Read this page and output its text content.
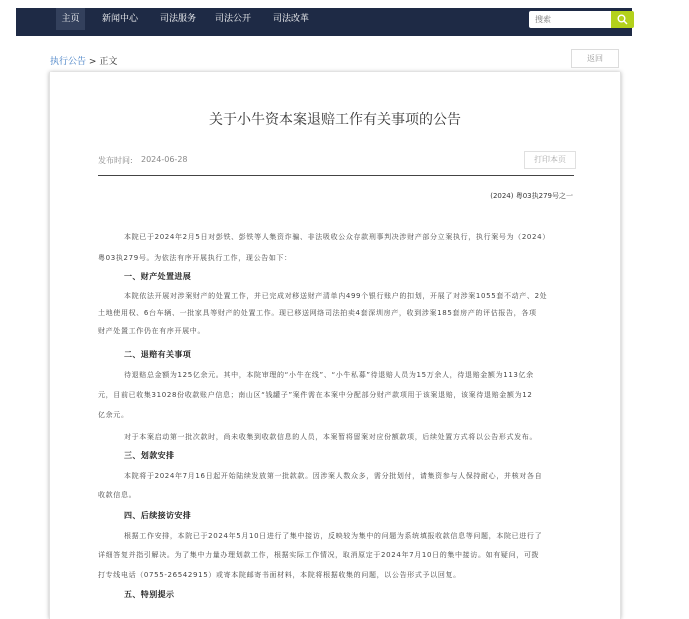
主页	新闻中心	司法服务	司法公开	司法改革
搜索
执行公告 > 正文	返回
关于小牛资本案退赔工作有关事项的公告
发布时间: 2024-06-28	打印本页
(2024) 粤03执279号之一
本院已于2024年2月5日对彭铁、彭铁等人集资诈骗、非法吸收公众存款刑事判决涉财产部分立案执行，执行案号为（2024）
粤03执279号。为依法有序开展执行工作，现公告如下：
一、财产处置进展
本院依法开展对涉案财产的处置工作，并已完成对移送财产清单内499个银行账户的扣划，开展了对涉案1055套不动产、2处
土地使用权、6台车辆、一批家具等财产的处置工作。现已移送网络司法拍卖4套深圳房产，收到涉案185套房产的评估报告，各项
财产处置工作仍在有序开展中。
二、退赔有关事项
待退赔总金额为125亿余元。其中，本院审理的“小牛在线”、“小牛私募”待退赔人员为15万余人，待退赔金额为113亿余
元，目前已收集31028份收款账户信息；南山区“钱罐子”案件需在本案中分配部分财产款项用于该案退赔，该案待退赔金额为12
亿余元。
对于本案启动第一批次款时，尚未收集到收款信息的人员，本案暂将留案对应份额款项，后续处置方式将以公告形式发布。
三、划款安排
本院将于2024年7月16日起开始陆续发放第一批款款。因涉案人数众多，需分批划付，请集资参与人保持耐心，并核对各自
收款信息。
四、后续接访安排
根据工作安排，本院已于2024年5月10日进行了集中接访，反映较为集中的问题为系统填报收款信息等问题，本院已进行了
详细答复并指引解决。为了集中力量办理划款工作，根据实际工作情况，取消原定于2024年7月10日的集中接访。如有疑问，可拨
打专线电话（0755-26542915）或寄本院邮寄书面材料，本院将根据收集的问题，以公告形式予以回复。
五、特别提示
